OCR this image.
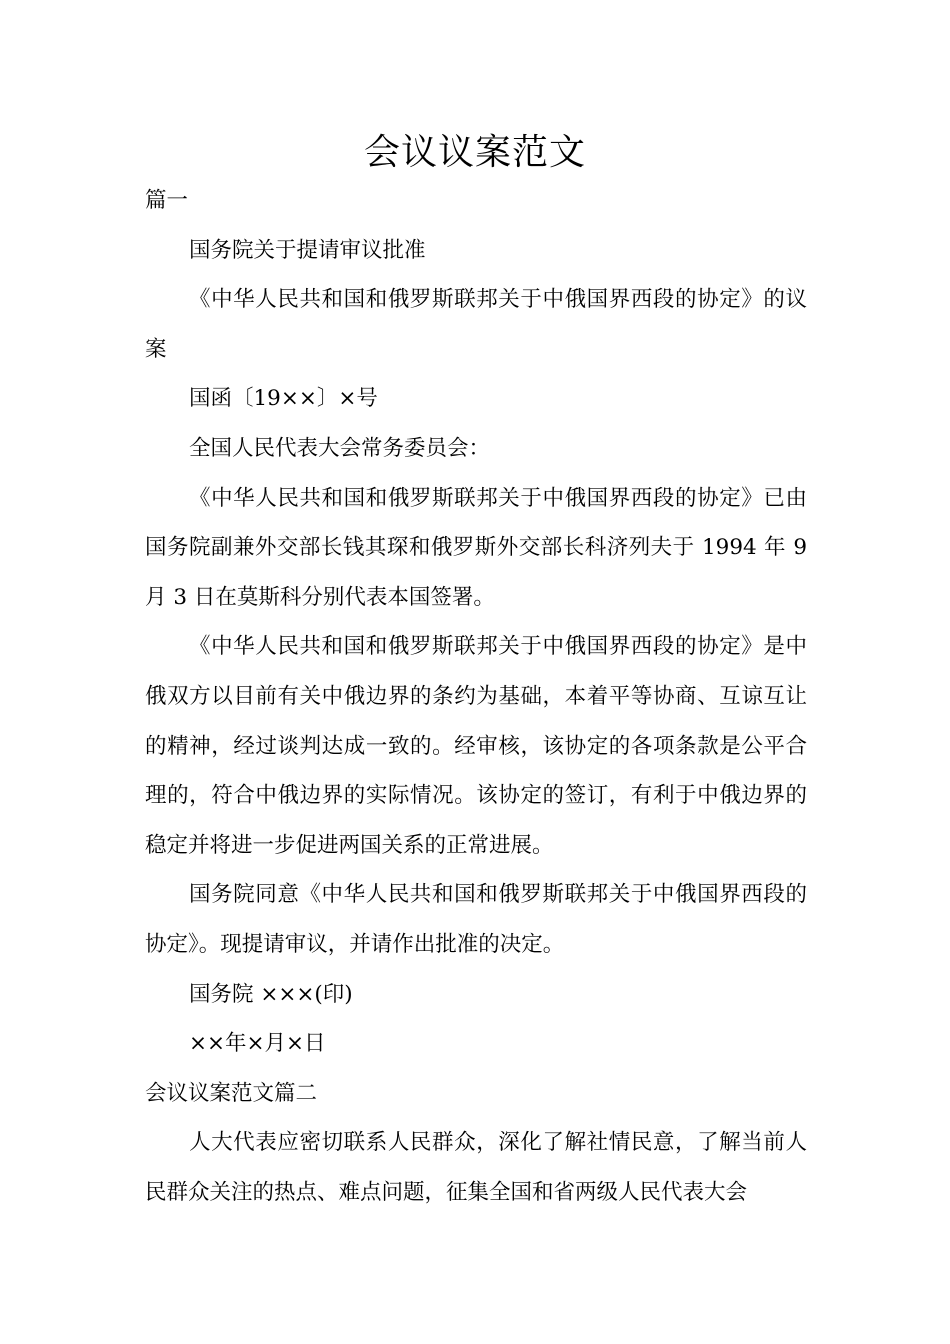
会议议案范文

篇一

国务院关于提请审议批准

《中华人民共和国和俄罗斯联邦关于中俄国界西段的协定》的议案

国函〔19××〕×号

全国人民代表大会常务委员会：

《中华人民共和国和俄罗斯联邦关于中俄国界西段的协定》已由国务院副兼外交部长钱其琛和俄罗斯外交部长科济列夫于 1994 年 9 月 3 日在莫斯科分别代表本国签署。

《中华人民共和国和俄罗斯联邦关于中俄国界西段的协定》是中俄双方以目前有关中俄边界的条约为基础，本着平等协商、互谅互让的精神，经过谈判达成一致的。经审核，该协定的各项条款是公平合理的，符合中俄边界的实际情况。该协定的签订，有利于中俄边界的稳定并将进一步促进两国关系的正常进展。

国务院同意《中华人民共和国和俄罗斯联邦关于中俄国界西段的协定》。现提请审议，并请作出批准的决定。

国务院 ×××(印)

××年×月×日

会议议案范文篇二

人大代表应密切联系人民群众，深化了解社情民意，了解当前人民群众关注的热点、难点问题，征集全国和省两级人民代表大会
